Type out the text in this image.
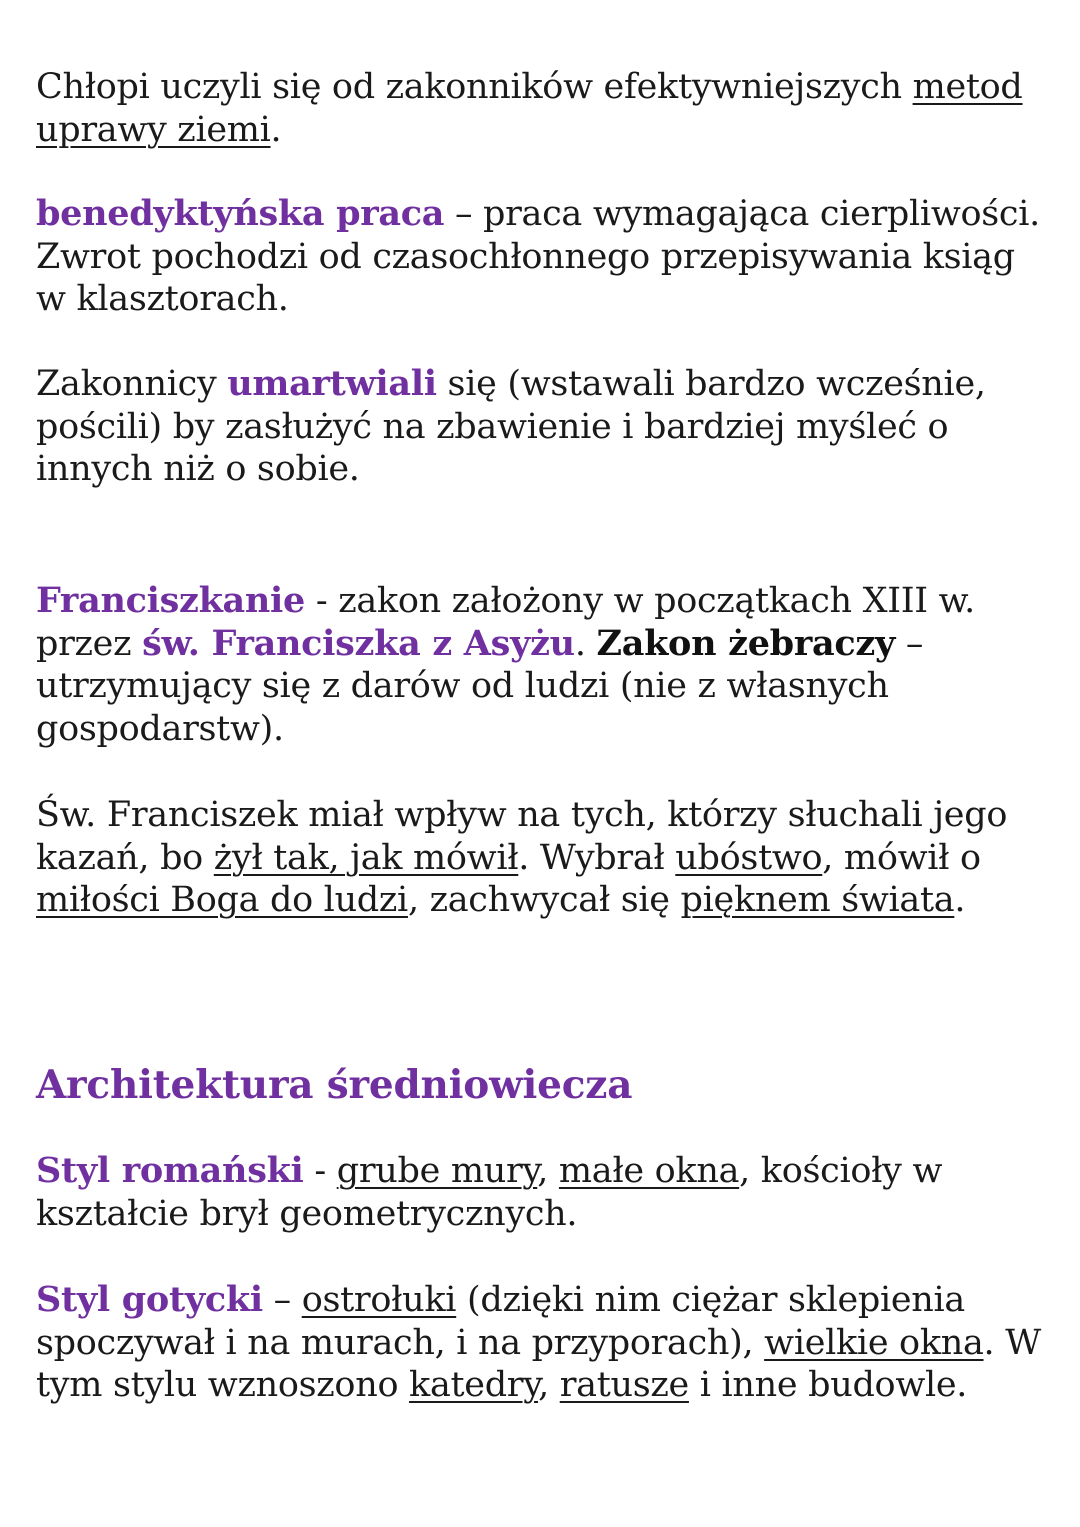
Chłopi uczyli się od zakonników efektywniejszych metod uprawy ziemi.

benedyktyńska praca – praca wymagająca cierpliwości. Zwrot pochodzi od czasochłonnego przepisywania ksiąg w klasztorach.

Zakonnicy umartwiali się (wstawali bardzo wcześnie, pościli) by zasłużyć na zbawienie i bardziej myśleć o innych niż o sobie.

Franciszkanie - zakon założony w początkach XIII w. przez św. Franciszka z Asyżu. Zakon żebraczy – utrzymujący się z darów od ludzi (nie z własnych gospodarstw).

Św. Franciszek miał wpływ na tych, którzy słuchali jego kazań, bo żył tak, jak mówił. Wybrał ubóstwo, mówił o miłości Boga do ludzi, zachwycał się pięknem świata.

Architektura średniowiecza

Styl romański - grube mury, małe okna, kościoły w kształcie brył geometrycznych.

Styl gotycki – ostrołuki (dzięki nim ciężar sklepienia spoczywał i na murach, i na przyporach), wielkie okna. W tym stylu wznoszono katedry, ratusze i inne budowle.
